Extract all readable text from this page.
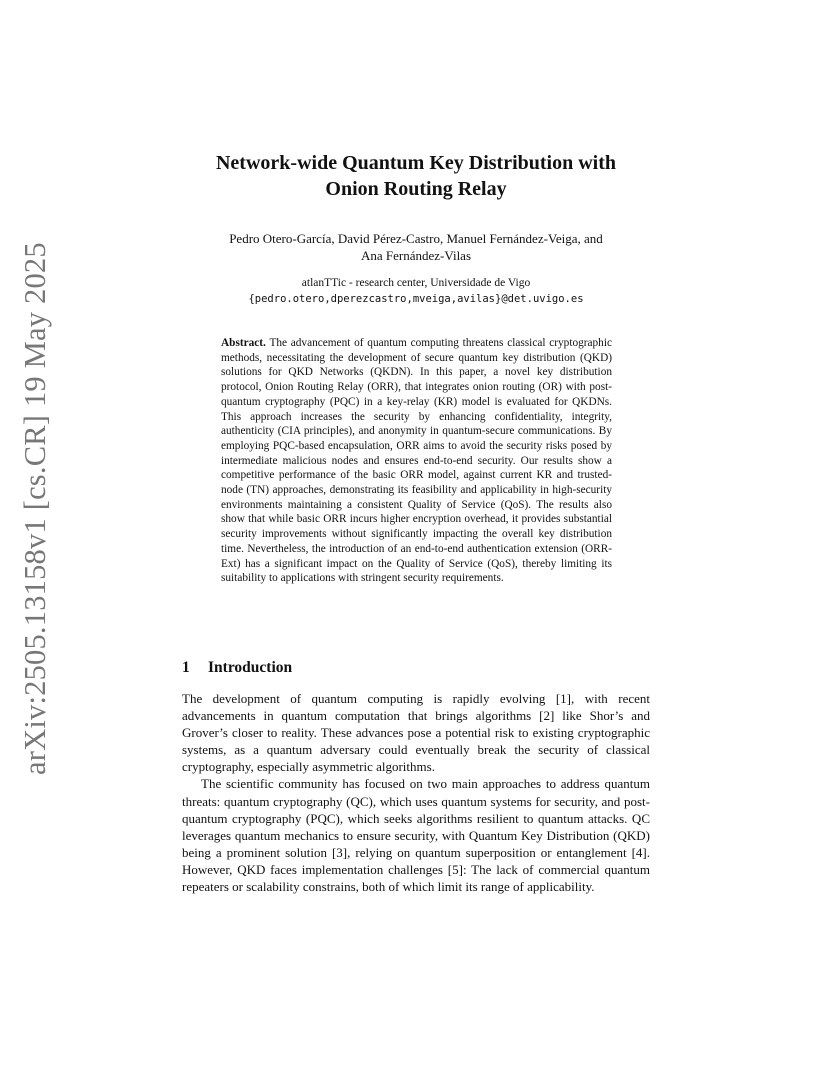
arXiv:2505.13158v1 [cs.CR] 19 May 2025
Network-wide Quantum Key Distribution with
Onion Routing Relay
Pedro Otero-García, David Pérez-Castro, Manuel Fernández-Veiga, and
Ana Fernández-Vilas
atlanTTic - research center, Universidade de Vigo
{pedro.otero,dperezcastro,mveiga,avilas}@det.uvigo.es
Abstract. The advancement of quantum computing threatens classical cryptographic methods, necessitating the development of secure quantum key distribution (QKD) solutions for QKD Networks (QKDN). In this paper, a novel key distribution protocol, Onion Routing Relay (ORR), that integrates onion routing (OR) with post-quantum cryptography (PQC) in a key-relay (KR) model is evaluated for QKDNs. This approach increases the security by enhancing confidentiality, integrity, authenticity (CIA principles), and anonymity in quantum-secure communications. By employing PQC-based encapsulation, ORR aims to avoid the security risks posed by intermediate malicious nodes and ensures end-to-end security. Our results show a competitive performance of the basic ORR model, against current KR and trusted-node (TN) approaches, demonstrating its feasibility and applicability in high-security environments maintaining a consistent Quality of Service (QoS). The results also show that while basic ORR incurs higher encryption overhead, it provides substantial security improvements without significantly impacting the overall key distribution time. Nevertheless, the introduction of an end-to-end authentication extension (ORR-Ext) has a significant impact on the Quality of Service (QoS), thereby limiting its suitability to applications with stringent security requirements.
1 Introduction

The development of quantum computing is rapidly evolving [1], with recent advancements in quantum computation that brings algorithms [2] like Shor’s and Grover’s closer to reality. These advances pose a potential risk to existing cryptographic systems, as a quantum adversary could eventually break the security of classical cryptography, especially asymmetric algorithms.

The scientific community has focused on two main approaches to address quantum threats: quantum cryptography (QC), which uses quantum systems for security, and post-quantum cryptography (PQC), which seeks algorithms resilient to quantum attacks. QC leverages quantum mechanics to ensure security, with Quantum Key Distribution (QKD) being a prominent solution [3], relying on quantum superposition or entanglement [4]. However, QKD faces implementation challenges [5]: The lack of commercial quantum repeaters or scalability constrains, both of which limit its range of applicability.
